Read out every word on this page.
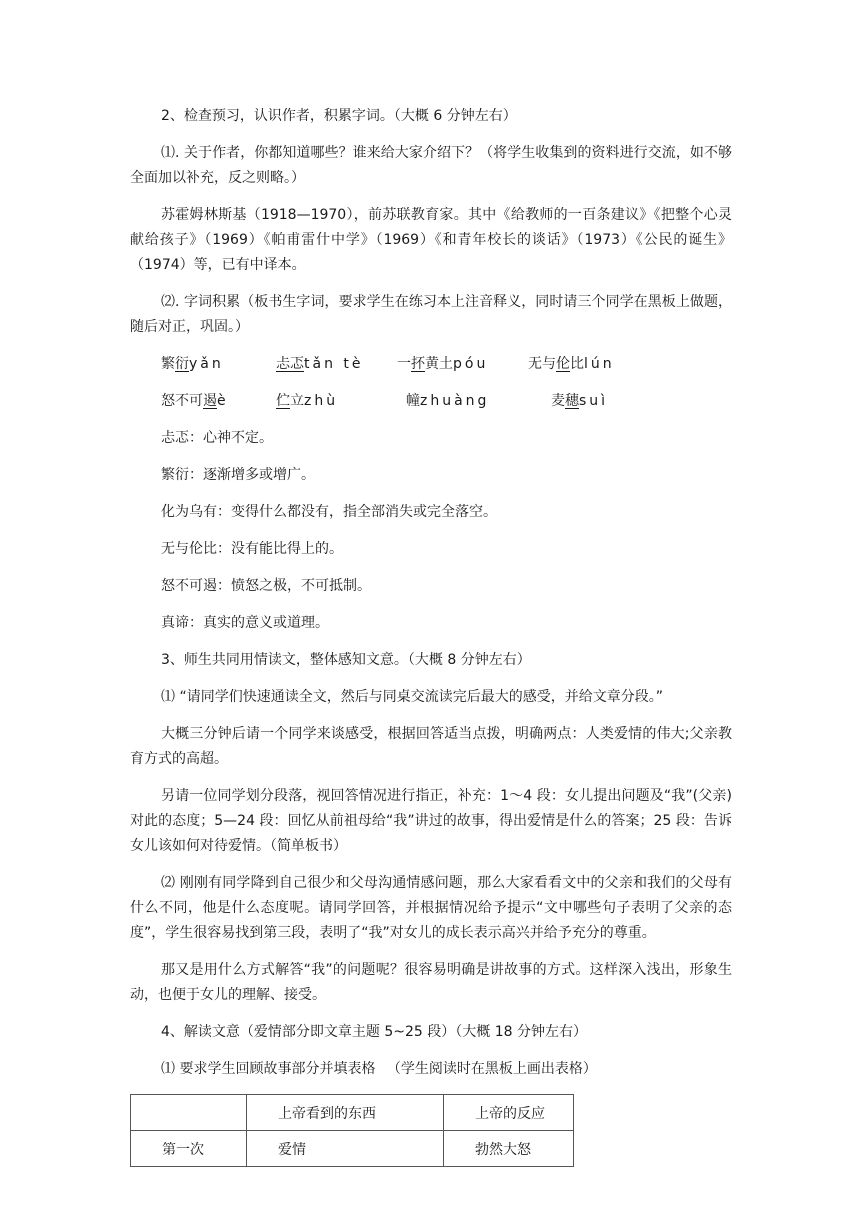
2、检查预习，认识作者，积累字词。（大概 6 分钟左右）

⑴. 关于作者，你都知道哪些？谁来给大家介绍下？（将学生收集到的资料进行交流，如不够全面加以补充，反之则略。）

苏霍姆林斯基（1918—1970），前苏联教育家。其中《给教师的一百条建议》《把整个心灵献给孩子》（1969）《帕甫雷什中学》（1969）《和青年校长的谈话》（1973）《公民的诞生》（1974）等，已有中译本。

⑵. 字词积累（板书生字词，要求学生在练习本上注音释义，同时请三个同学在黑板上做题，随后对正，巩固。）

繁衍yǎn	忐忑tǎn tè 一抔黄土póu	无与伦比lún
怒不可遏è	伫立zhù	幢zhuàng	麦穗suì

忐忑：心神不定。

繁衍：逐渐增多或增广。

化为乌有：变得什么都没有，指全部消失或完全落空。

无与伦比：没有能比得上的。

怒不可遏：愤怒之极，不可抵制。

真谛：真实的意义或道理。

3、师生共同用情读文，整体感知文意。（大概 8 分钟左右）

⑴ “请同学们快速通读全文，然后与同桌交流读完后最大的感受，并给文章分段。”

大概三分钟后请一个同学来谈感受，根据回答适当点拨，明确两点：人类爱情的伟大;父亲教育方式的高超。

另请一位同学划分段落，视回答情况进行指正，补充：1～4 段：女儿提出问题及“我”(父亲)对此的态度；5—24 段：回忆从前祖母给“我”讲过的故事，得出爱情是什么的答案；25 段：告诉女儿该如何对待爱情。（简单板书）

⑵ 刚刚有同学降到自己很少和父母沟通情感问题，那么大家看看文中的父亲和我们的父母有什么不同，他是什么态度呢。请同学回答，并根据情况给予提示“文中哪些句子表明了父亲的态度”，学生很容易找到第三段，表明了“我”对女儿的成长表示高兴并给予充分的尊重。

那又是用什么方式解答“我”的问题呢？很容易明确是讲故事的方式。这样深入浅出，形象生动，也便于女儿的理解、接受。

4、解读文意（爱情部分即文章主题 5~25 段）（大概 18 分钟左右）

⑴ 要求学生回顾故事部分并填表格 　（学生阅读时在黑板上画出表格）

	上帝看到的东西	上帝的反应
第一次	爱情	勃然大怒
